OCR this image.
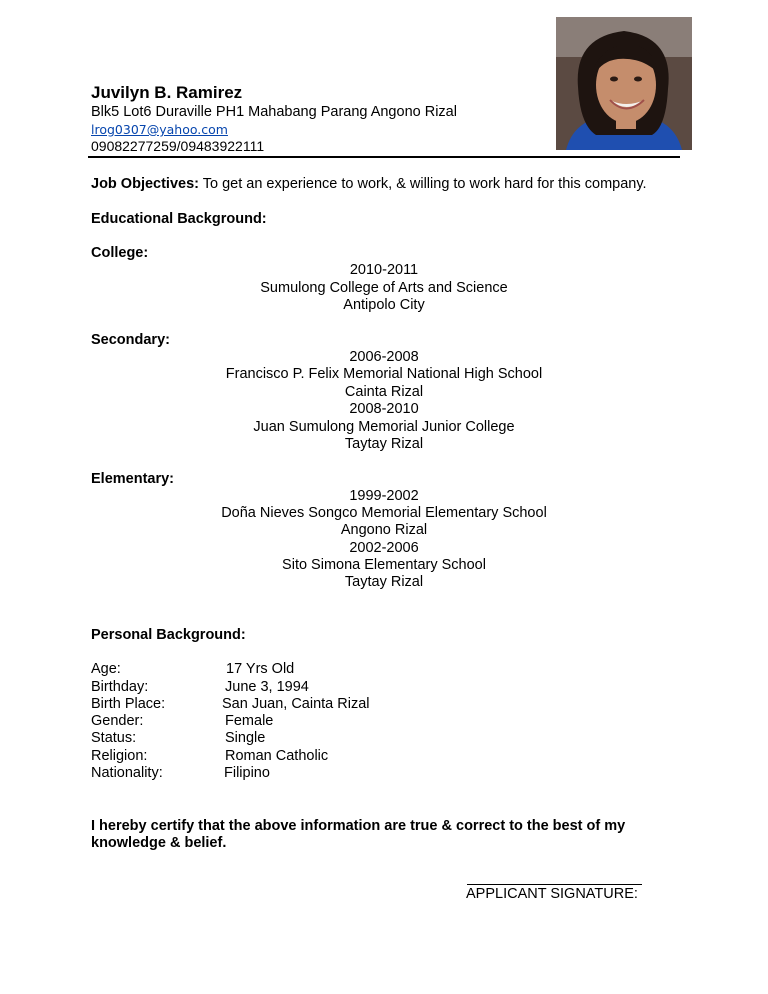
Juvilyn B. Ramirez
Blk5 Lot6 Duraville PH1 Mahabang Parang Angono Rizal
lrog0307@yahoo.com
09082277259/09483922111
Job Objectives: To get an experience to work, & willing to work hard for this company.
Educational Background:
College:
2010-2011
Sumulong College of Arts and Science
Antipolo City
Secondary:
2006-2008
Francisco P. Felix Memorial National High School
Cainta Rizal
2008-2010
Juan Sumulong Memorial Junior College
Taytay Rizal
Elementary:
1999-2002
Doña Nieves Songco Memorial Elementary School
Angono Rizal
2002-2006
Sito Simona Elementary School
Taytay Rizal
Personal Background:
Age:	17 Yrs Old
Birthday:	June 3, 1994
Birth Place:	San Juan, Cainta Rizal
Gender:	Female
Status:	Single
Religion:	Roman Catholic
Nationality:	Filipino
I hereby certify that the above information are true & correct to the best of my
knowledge & belief.
APPLICANT SIGNATURE:
